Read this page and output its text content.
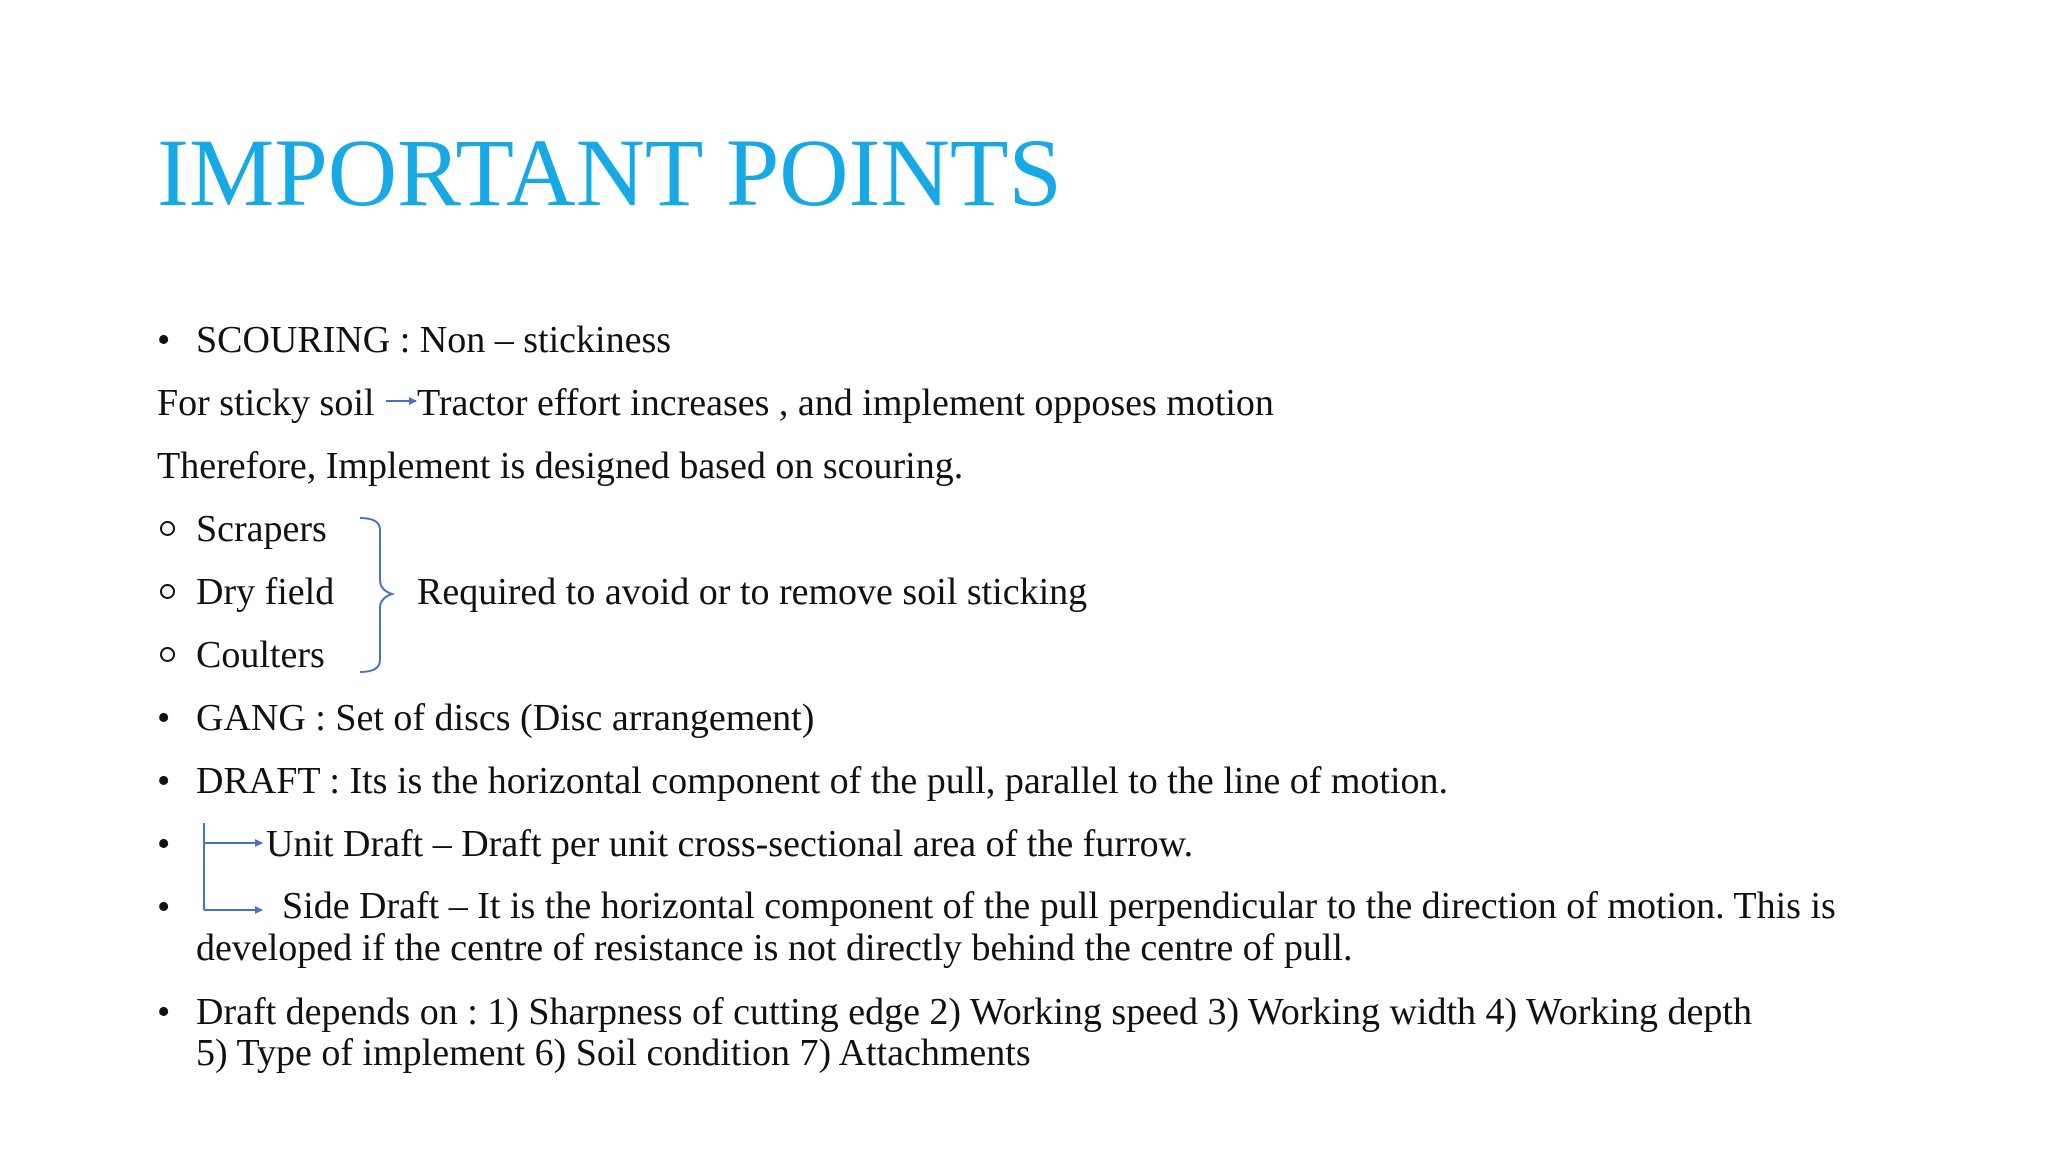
IMPORTANT POINTS
• SCOURING : Non – stickiness
For sticky soil Tractor effort increases , and implement opposes motion
Therefore, Implement is designed based on scouring.
Scrapers
Dry field
Coulters
Required to avoid or to remove soil sticking
• GANG : Set of discs (Disc arrangement)
• DRAFT : Its is the horizontal component of the pull, parallel to the line of motion.
•	Unit Draft – Draft per unit cross-sectional area of the furrow.
•	Side Draft – It is the horizontal component of the pull perpendicular to the direction of motion. This is
developed if the centre of resistance is not directly behind the centre of pull.
• Draft depends on : 1) Sharpness of cutting edge 2) Working speed 3) Working width 4) Working depth
5) Type of implement 6) Soil condition 7) Attachments
